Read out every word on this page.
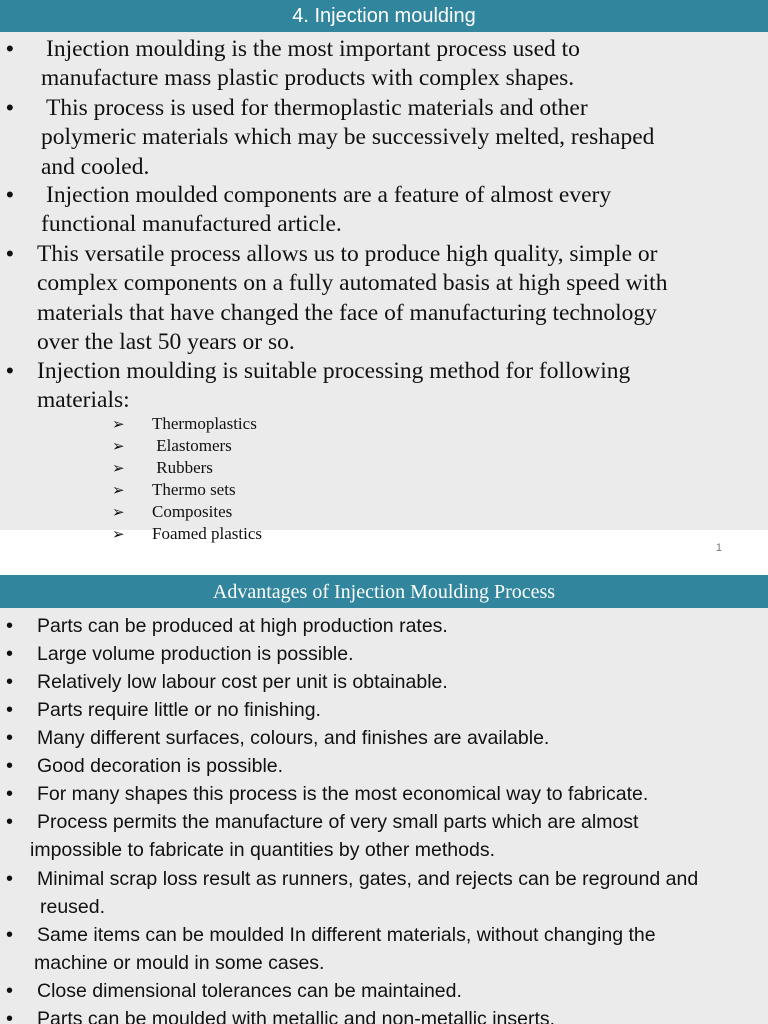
4. Injection moulding
• Injection moulding is the most important process used to
manufacture mass plastic products with complex shapes.
• This process is used for thermoplastic materials and other
polymeric materials which may be successively melted, reshaped
and cooled.
• Injection moulded components are a feature of almost every
functional manufactured article.
• This versatile process allows us to produce high quality, simple or
complex components on a fully automated basis at high speed with
materials that have changed the face of manufacturing technology
over the last 50 years or so.
• Injection moulding is suitable processing method for following
materials:
➢ Thermoplastics
➢ Elastomers
➢ Rubbers
➢ Thermo sets
➢ Composites
➢ Foamed plastics
1
Advantages of Injection Moulding Process
• Parts can be produced at high production rates.
• Large volume production is possible.
• Relatively low labour cost per unit is obtainable.
• Parts require little or no finishing.
• Many different surfaces, colours, and finishes are available.
• Good decoration is possible.
• For many shapes this process is the most economical way to fabricate.
• Process permits the manufacture of very small parts which are almost
impossible to fabricate in quantities by other methods.
• Minimal scrap loss result as runners, gates, and rejects can be reground and
reused.
• Same items can be moulded In different materials, without changing the
machine or mould in some cases.
• Close dimensional tolerances can be maintained.
• Parts can be moulded with metallic and non-metallic inserts.
